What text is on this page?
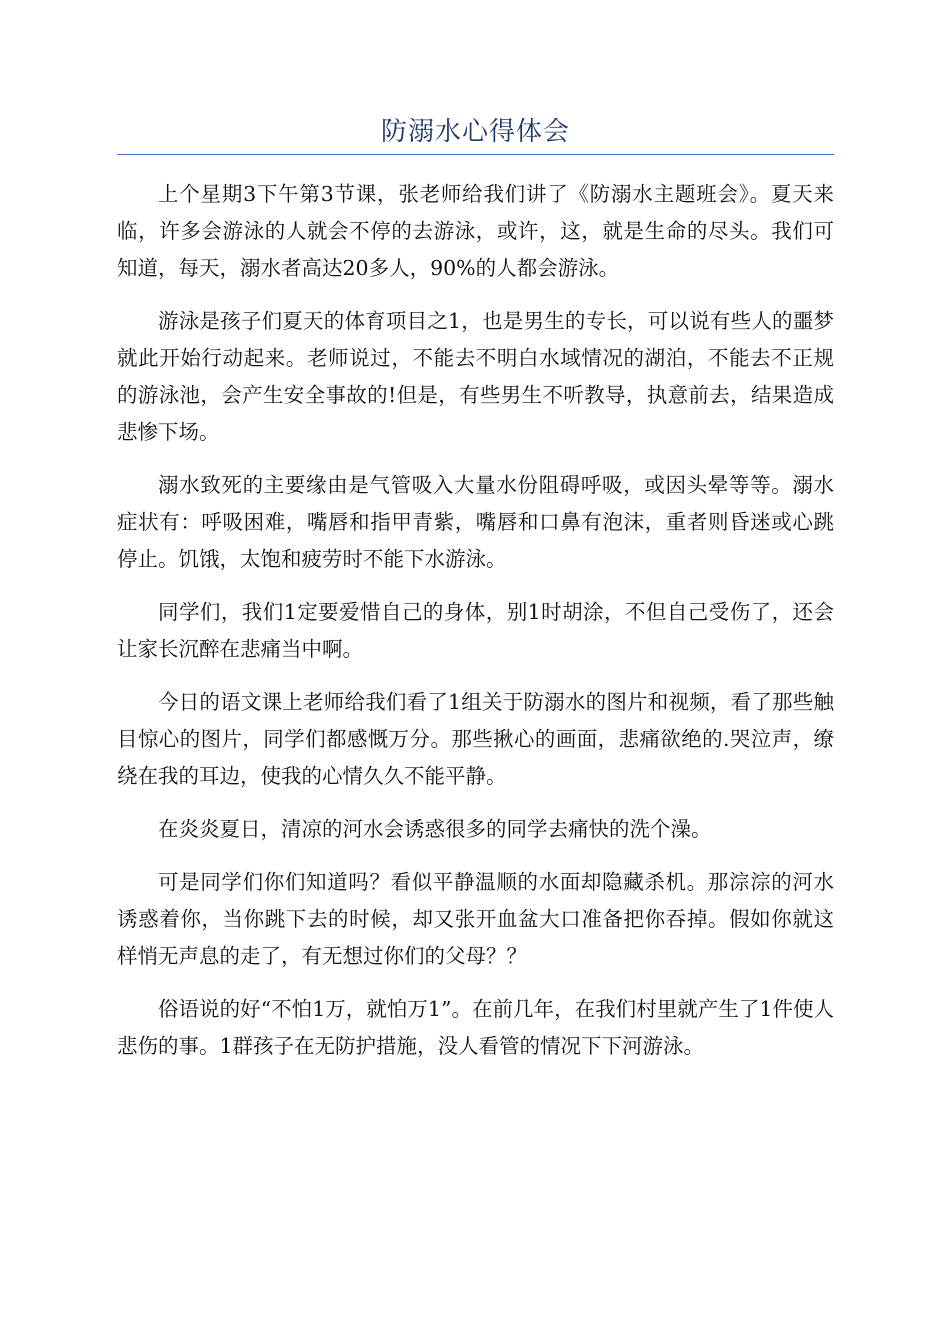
防溺水心得体会

上个星期3下午第3节课，张老师给我们讲了《防溺水主题班会》。夏天来临，许多会游泳的人就会不停的去游泳，或许，这，就是生命的尽头。我们可知道，每天，溺水者高达20多人，90%的人都会游泳。

游泳是孩子们夏天的体育项目之1，也是男生的专长，可以说有些人的噩梦就此开始行动起来。老师说过，不能去不明白水域情况的湖泊，不能去不正规的游泳池，会产生安全事故的!但是，有些男生不听教导，执意前去，结果造成悲惨下场。

溺水致死的主要缘由是气管吸入大量水份阻碍呼吸，或因头晕等等。溺水症状有：呼吸困难，嘴唇和指甲青紫，嘴唇和口鼻有泡沫，重者则昏迷或心跳停止。饥饿，太饱和疲劳时不能下水游泳。

同学们，我们1定要爱惜自己的身体，别1时胡涂，不但自己受伤了，还会让家长沉醉在悲痛当中啊。

今日的语文课上老师给我们看了1组关于防溺水的图片和视频，看了那些触目惊心的图片，同学们都感慨万分。那些揪心的画面，悲痛欲绝的.哭泣声，缭绕在我的耳边，使我的心情久久不能平静。

在炎炎夏日，清凉的河水会诱惑很多的同学去痛快的洗个澡。

可是同学们你们知道吗？看似平静温顺的水面却隐藏杀机。那淙淙的河水诱惑着你，当你跳下去的时候，却又张开血盆大口准备把你吞掉。假如你就这样悄无声息的走了，有无想过你们的父母？？

俗语说的好“不怕1万，就怕万1”。在前几年，在我们村里就产生了1件使人悲伤的事。1群孩子在无防护措施，没人看管的情况下下河游泳。
